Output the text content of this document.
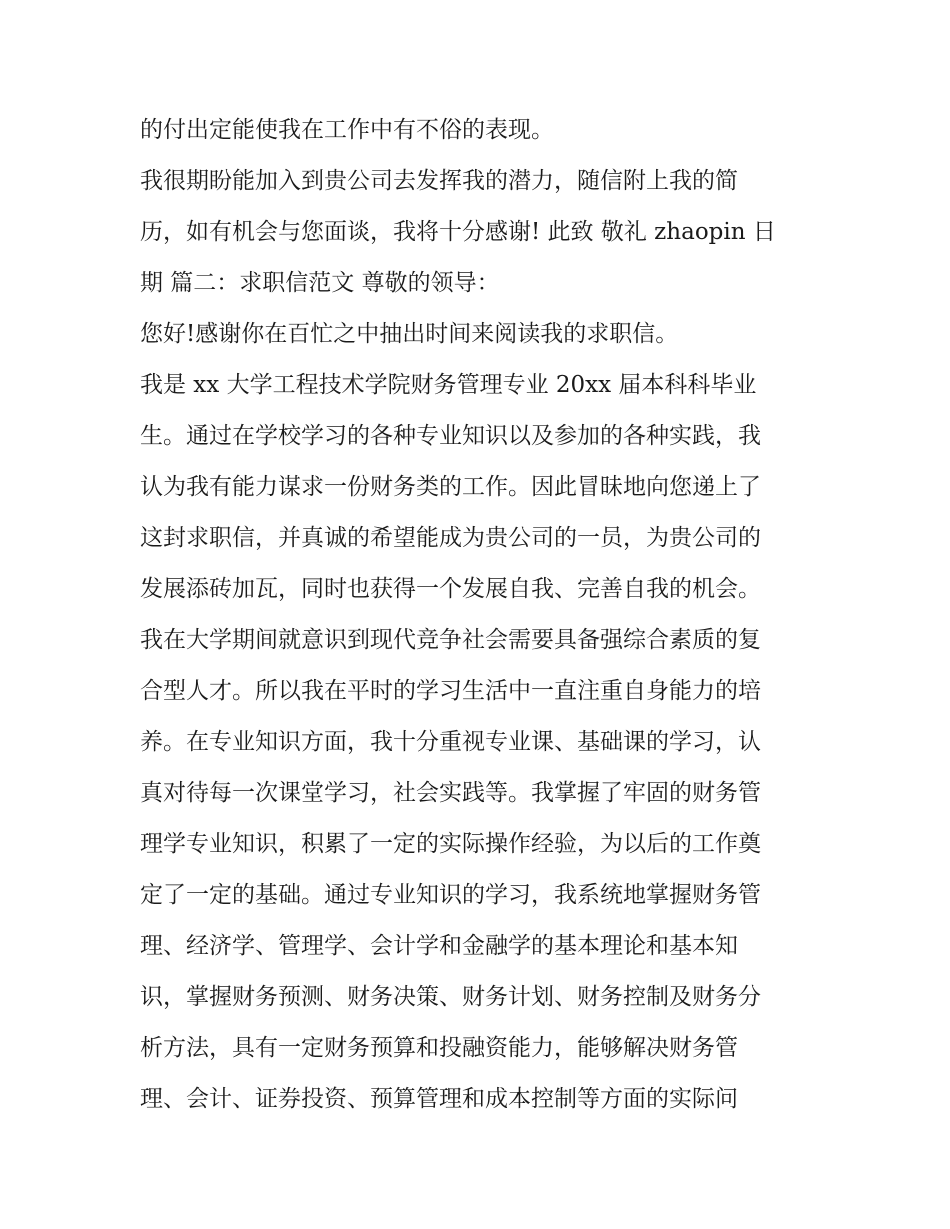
的付出定能使我在工作中有不俗的表现。
我很期盼能加入到贵公司去发挥我的潜力，随信附上我的简
历，如有机会与您面谈，我将十分感谢! 此致 敬礼 zhaopin 日
期 篇二：求职信范文 尊敬的领导：
您好!感谢你在百忙之中抽出时间来阅读我的求职信。
我是 xx 大学工程技术学院财务管理专业 20xx 届本科科毕业
生。通过在学校学习的各种专业知识以及参加的各种实践，我
认为我有能力谋求一份财务类的工作。因此冒昧地向您递上了
这封求职信，并真诚的希望能成为贵公司的一员，为贵公司的
发展添砖加瓦，同时也获得一个发展自我、完善自我的机会。
我在大学期间就意识到现代竞争社会需要具备强综合素质的复
合型人才。所以我在平时的学习生活中一直注重自身能力的培
养。在专业知识方面，我十分重视专业课、基础课的学习，认
真对待每一次课堂学习，社会实践等。我掌握了牢固的财务管
理学专业知识，积累了一定的实际操作经验，为以后的工作奠
定了一定的基础。通过专业知识的学习，我系统地掌握财务管
理、经济学、管理学、会计学和金融学的基本理论和基本知
识，掌握财务预测、财务决策、财务计划、财务控制及财务分
析方法，具有一定财务预算和投融资能力，能够解决财务管
理、会计、证券投资、预算管理和成本控制等方面的实际问
